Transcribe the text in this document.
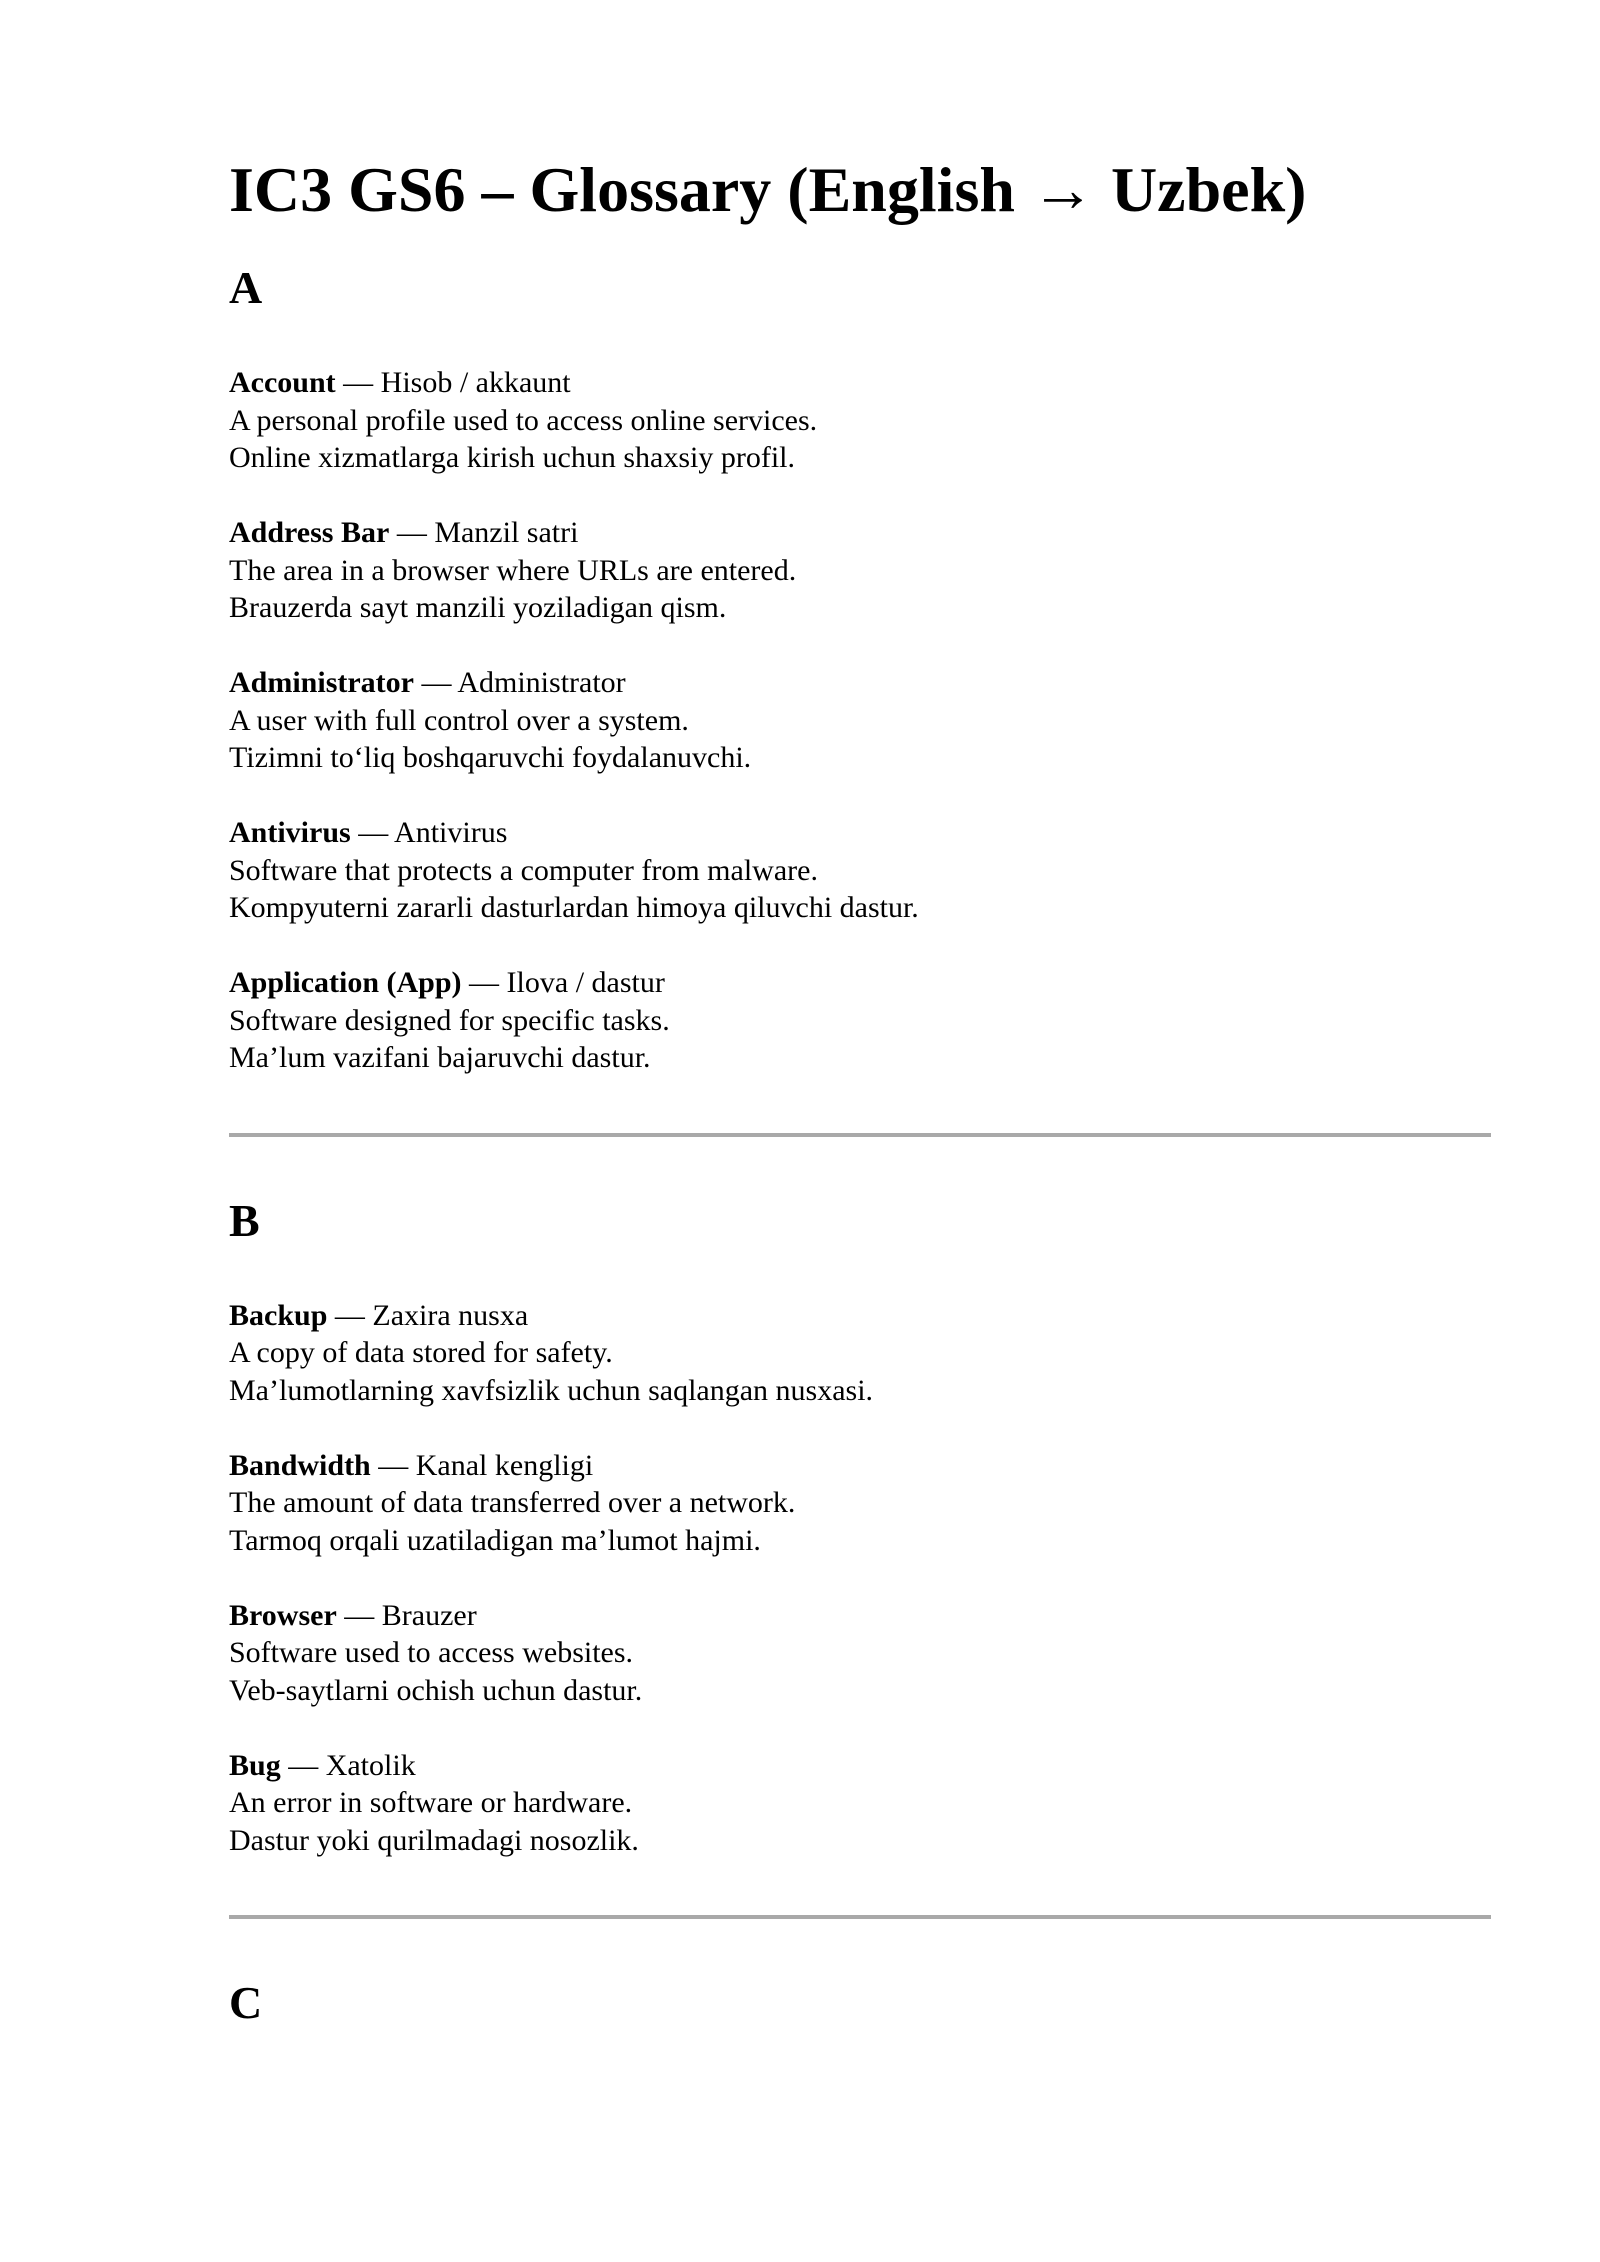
IC3 GS6 – Glossary (English → Uzbek)
A
Account — Hisob / akkaunt
A personal profile used to access online services.
Online xizmatlarga kirish uchun shaxsiy profil.
Address Bar — Manzil satri
The area in a browser where URLs are entered.
Brauzerda sayt manzili yoziladigan qism.
Administrator — Administrator
A user with full control over a system.
Tizimni to‘liq boshqaruvchi foydalanuvchi.
Antivirus — Antivirus
Software that protects a computer from malware.
Kompyuterni zararli dasturlardan himoya qiluvchi dastur.
Application (App) — Ilova / dastur
Software designed for specific tasks.
Ma’lum vazifani bajaruvchi dastur.
B
Backup — Zaxira nusxa
A copy of data stored for safety.
Ma’lumotlarning xavfsizlik uchun saqlangan nusxasi.
Bandwidth — Kanal kengligi
The amount of data transferred over a network.
Tarmoq orqali uzatiladigan ma’lumot hajmi.
Browser — Brauzer
Software used to access websites.
Veb-saytlarni ochish uchun dastur.
Bug — Xatolik
An error in software or hardware.
Dastur yoki qurilmadagi nosozlik.
C
